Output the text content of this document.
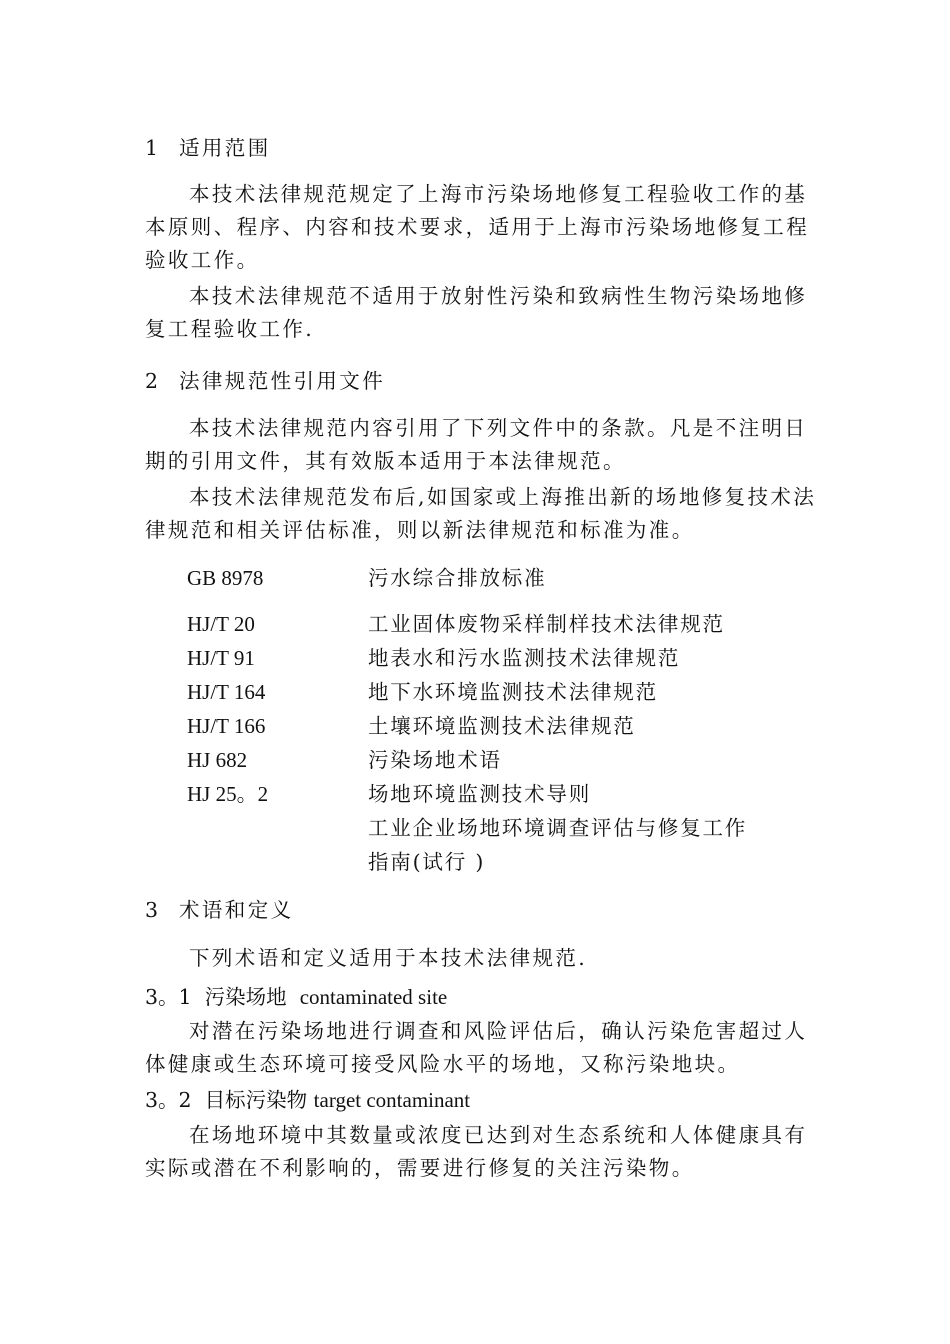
1 适用范围
本技术法律规范规定了上海市污染场地修复工程验收工作的基
本原则、程序、内容和技术要求，适用于上海市污染场地修复工程
验收工作。
本技术法律规范不适用于放射性污染和致病性生物污染场地修
复工程验收工作.
2 法律规范性引用文件
本技术法律规范内容引用了下列文件中的条款。凡是不注明日
期的引用文件，其有效版本适用于本法律规范。
本技术法律规范发布后,如国家或上海推出新的场地修复技术法
律规范和相关评估标准，则以新法律规范和标准为准。
GB 8978	污水综合排放标准
HJ/T 20	工业固体废物采样制样技术法律规范
HJ/T 91	地表水和污水监测技术法律规范
HJ/T 164	地下水环境监测技术法律规范
HJ/T 166	土壤环境监测技术法律规范
HJ 682	污染场地术语
HJ 25。2	场地环境监测技术导则
工业企业场地环境调查评估与修复工作
指南(试行 )
3 术语和定义
下列术语和定义适用于本技术法律规范.
3。1 污染场地 contaminated site
对潜在污染场地进行调查和风险评估后，确认污染危害超过人
体健康或生态环境可接受风险水平的场地，又称污染地块。
3。2 目标污染物 target contaminant
在场地环境中其数量或浓度已达到对生态系统和人体健康具有
实际或潜在不利影响的，需要进行修复的关注污染物。
